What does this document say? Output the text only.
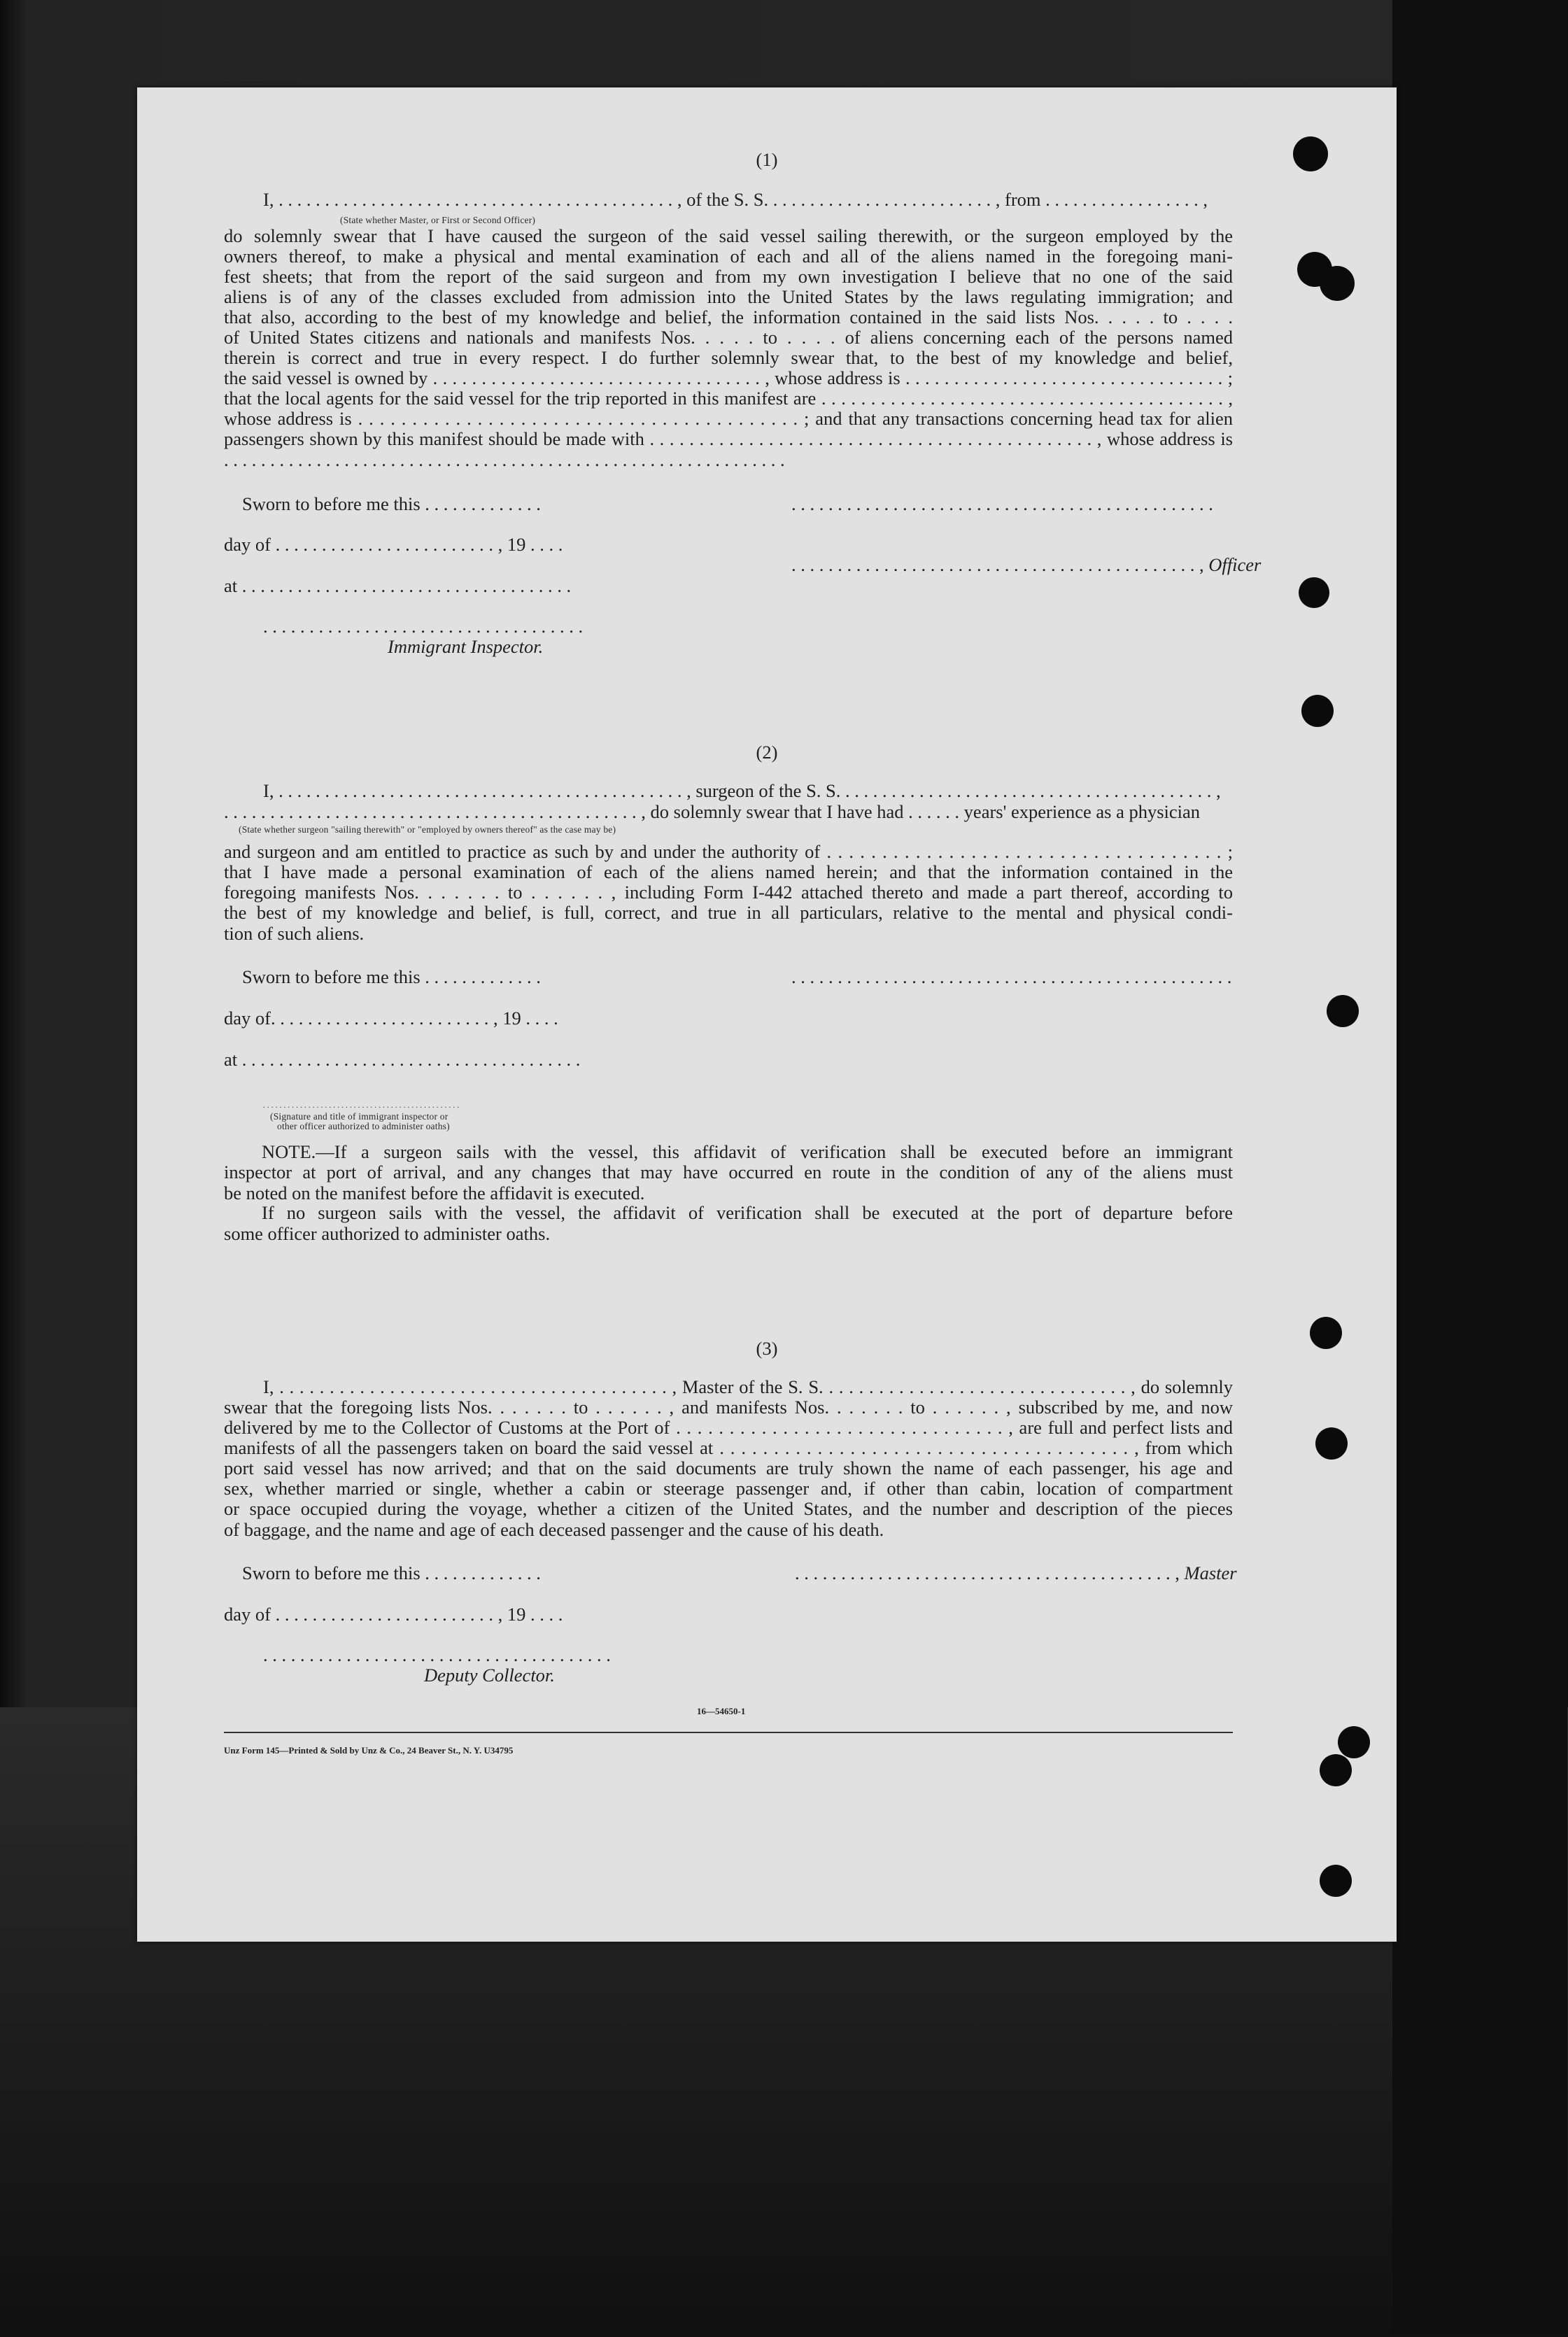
(1)
I, . . . . . . . . . . . . . . . . . . . . . . . . . . . . . . . . . . . . . . . . . . . , of the S. S. . . . . . . . . . . . . . . . . . . . . . . . . , from . . . . . . . . . . . . . . . . . ,
(State whether Master, or First or Second Officer)
do solemnly swear that I have caused the surgeon of the said vessel sailing therewith, or the surgeon employed by the
owners thereof, to make a physical and mental examination of each and all of the aliens named in the foregoing mani-
fest sheets; that from the report of the said surgeon and from my own investigation I believe that no one of the said
aliens is of any of the classes excluded from admission into the United States by the laws regulating immigration; and
that also, according to the best of my knowledge and belief, the information contained in the said lists Nos. . . . . to . . . .
of United States citizens and nationals and manifests Nos. . . . . to . . . . of aliens concerning each of the persons named
therein is correct and true in every respect. I do further solemnly swear that, to the best of my knowledge and belief,
the said vessel is owned by . . . . . . . . . . . . . . . . . . . . . . . . . . . . . . . . . . , whose address is . . . . . . . . . . . . . . . . . . . . . . . . . . . . . . . . . ;
that the local agents for the said vessel for the trip reported in this manifest are . . . . . . . . . . . . . . . . . . . . . . . . . . . . . . . . . . . . . . . . . ,
whose address is . . . . . . . . . . . . . . . . . . . . . . . . . . . . . . . . . . . . . . . . . ; and that any transactions concerning head tax for alien
passengers shown by this manifest should be made with . . . . . . . . . . . . . . . . . . . . . . . . . . . . . . . . . . . . . . . . . . . . . , whose address is
. . . . . . . . . . . . . . . . . . . . . . . . . . . . . . . . . . . . . . . . . . . . . . . . . . . . . . . . . . . . .
Sworn to before me this . . . . . . . . . . . . .	. . . . . . . . . . . . . . . . . . . . . . . . . . . . . . . . . . . . . . . . . . . . . .
day of . . . . . . . . . . . . . . . . . . . . . . . . , 19 . . . .
. . . . . . . . . . . . . . . . . . . . . . . . . . . . . . . . . . . . . . . . . . . . , Officer
at . . . . . . . . . . . . . . . . . . . . . . . . . . . . . . . . . . . .
. . . . . . . . . . . . . . . . . . . . . . . . . . . . . . . . . . .
Immigrant Inspector.
(2)
I, . . . . . . . . . . . . . . . . . . . . . . . . . . . . . . . . . . . . . . . . . . . . , surgeon of the S. S. . . . . . . . . . . . . . . . . . . . . . . . . . . . . . . . . . . . . . . . . ,
. . . . . . . . . . . . . . . . . . . . . . . . . . . . . . . . . . . . . . . . . . . . . , do solemnly swear that I have had . . . . . . years' experience as a physician
(State whether surgeon "sailing therewith" or "employed by owners thereof" as the case may be)
and surgeon and am entitled to practice as such by and under the authority of . . . . . . . . . . . . . . . . . . . . . . . . . . . . . . . . . . . . ;
that I have made a personal examination of each of the aliens named herein; and that the information contained in the
foregoing manifests Nos. . . . . . . to . . . . . . , including Form I-442 attached thereto and made a part thereof, according to
the best of my knowledge and belief, is full, correct, and true in all particulars, relative to the mental and physical condi-
tion of such aliens.
Sworn to before me this . . . . . . . . . . . . .	. . . . . . . . . . . . . . . . . . . . . . . . . . . . . . . . . . . . . . . . . . . . . . . .
day of. . . . . . . . . . . . . . . . . . . . . . . . , 19 . . . .
at . . . . . . . . . . . . . . . . . . . . . . . . . . . . . . . . . . . . .
. . . . . . . . . . . . . . . . . . . . . . . . . . . . . . . . . . . . . . . . . . . . . . . .
(Signature and title of immigrant inspector or
other officer authorized to administer oaths)
NOTE.—If a surgeon sails with the vessel, this affidavit of verification shall be executed before an immigrant
inspector at port of arrival, and any changes that may have occurred en route in the condition of any of the aliens must
be noted on the manifest before the affidavit is executed.
If no surgeon sails with the vessel, the affidavit of verification shall be executed at the port of departure before
some officer authorized to administer oaths.
(3)
I, . . . . . . . . . . . . . . . . . . . . . . . . . . . . . . . . . . . . . . . , Master of the S. S. . . . . . . . . . . . . . . . . . . . . . . . . . . . . . . , do solemnly
swear that the foregoing lists Nos. . . . . . . to . . . . . . , and manifests Nos. . . . . . . to . . . . . . , subscribed by me, and now
delivered by me to the Collector of Customs at the Port of . . . . . . . . . . . . . . . . . . . . . . . . . . . . . . . , are full and perfect lists and
manifests of all the passengers taken on board the said vessel at . . . . . . . . . . . . . . . . . . . . . . . . . . . . . . . . . . . . . . , from which
port said vessel has now arrived; and that on the said documents are truly shown the name of each passenger, his age and
sex, whether married or single, whether a cabin or steerage passenger and, if other than cabin, location of compartment
or space occupied during the voyage, whether a citizen of the United States, and the number and description of the pieces
of baggage, and the name and age of each deceased passenger and the cause of his death.
Sworn to before me this . . . . . . . . . . . . .	. . . . . . . . . . . . . . . . . . . . . . . . . . . . . . . . . . . . . . . . . , Master
day of . . . . . . . . . . . . . . . . . . . . . . . . , 19 . . . .
. . . . . . . . . . . . . . . . . . . . . . . . . . . . . . . . . . . . . .
Deputy Collector.
16—54650-1
Unz Form 145—Printed & Sold by Unz & Co., 24 Beaver St., N. Y. U34795
